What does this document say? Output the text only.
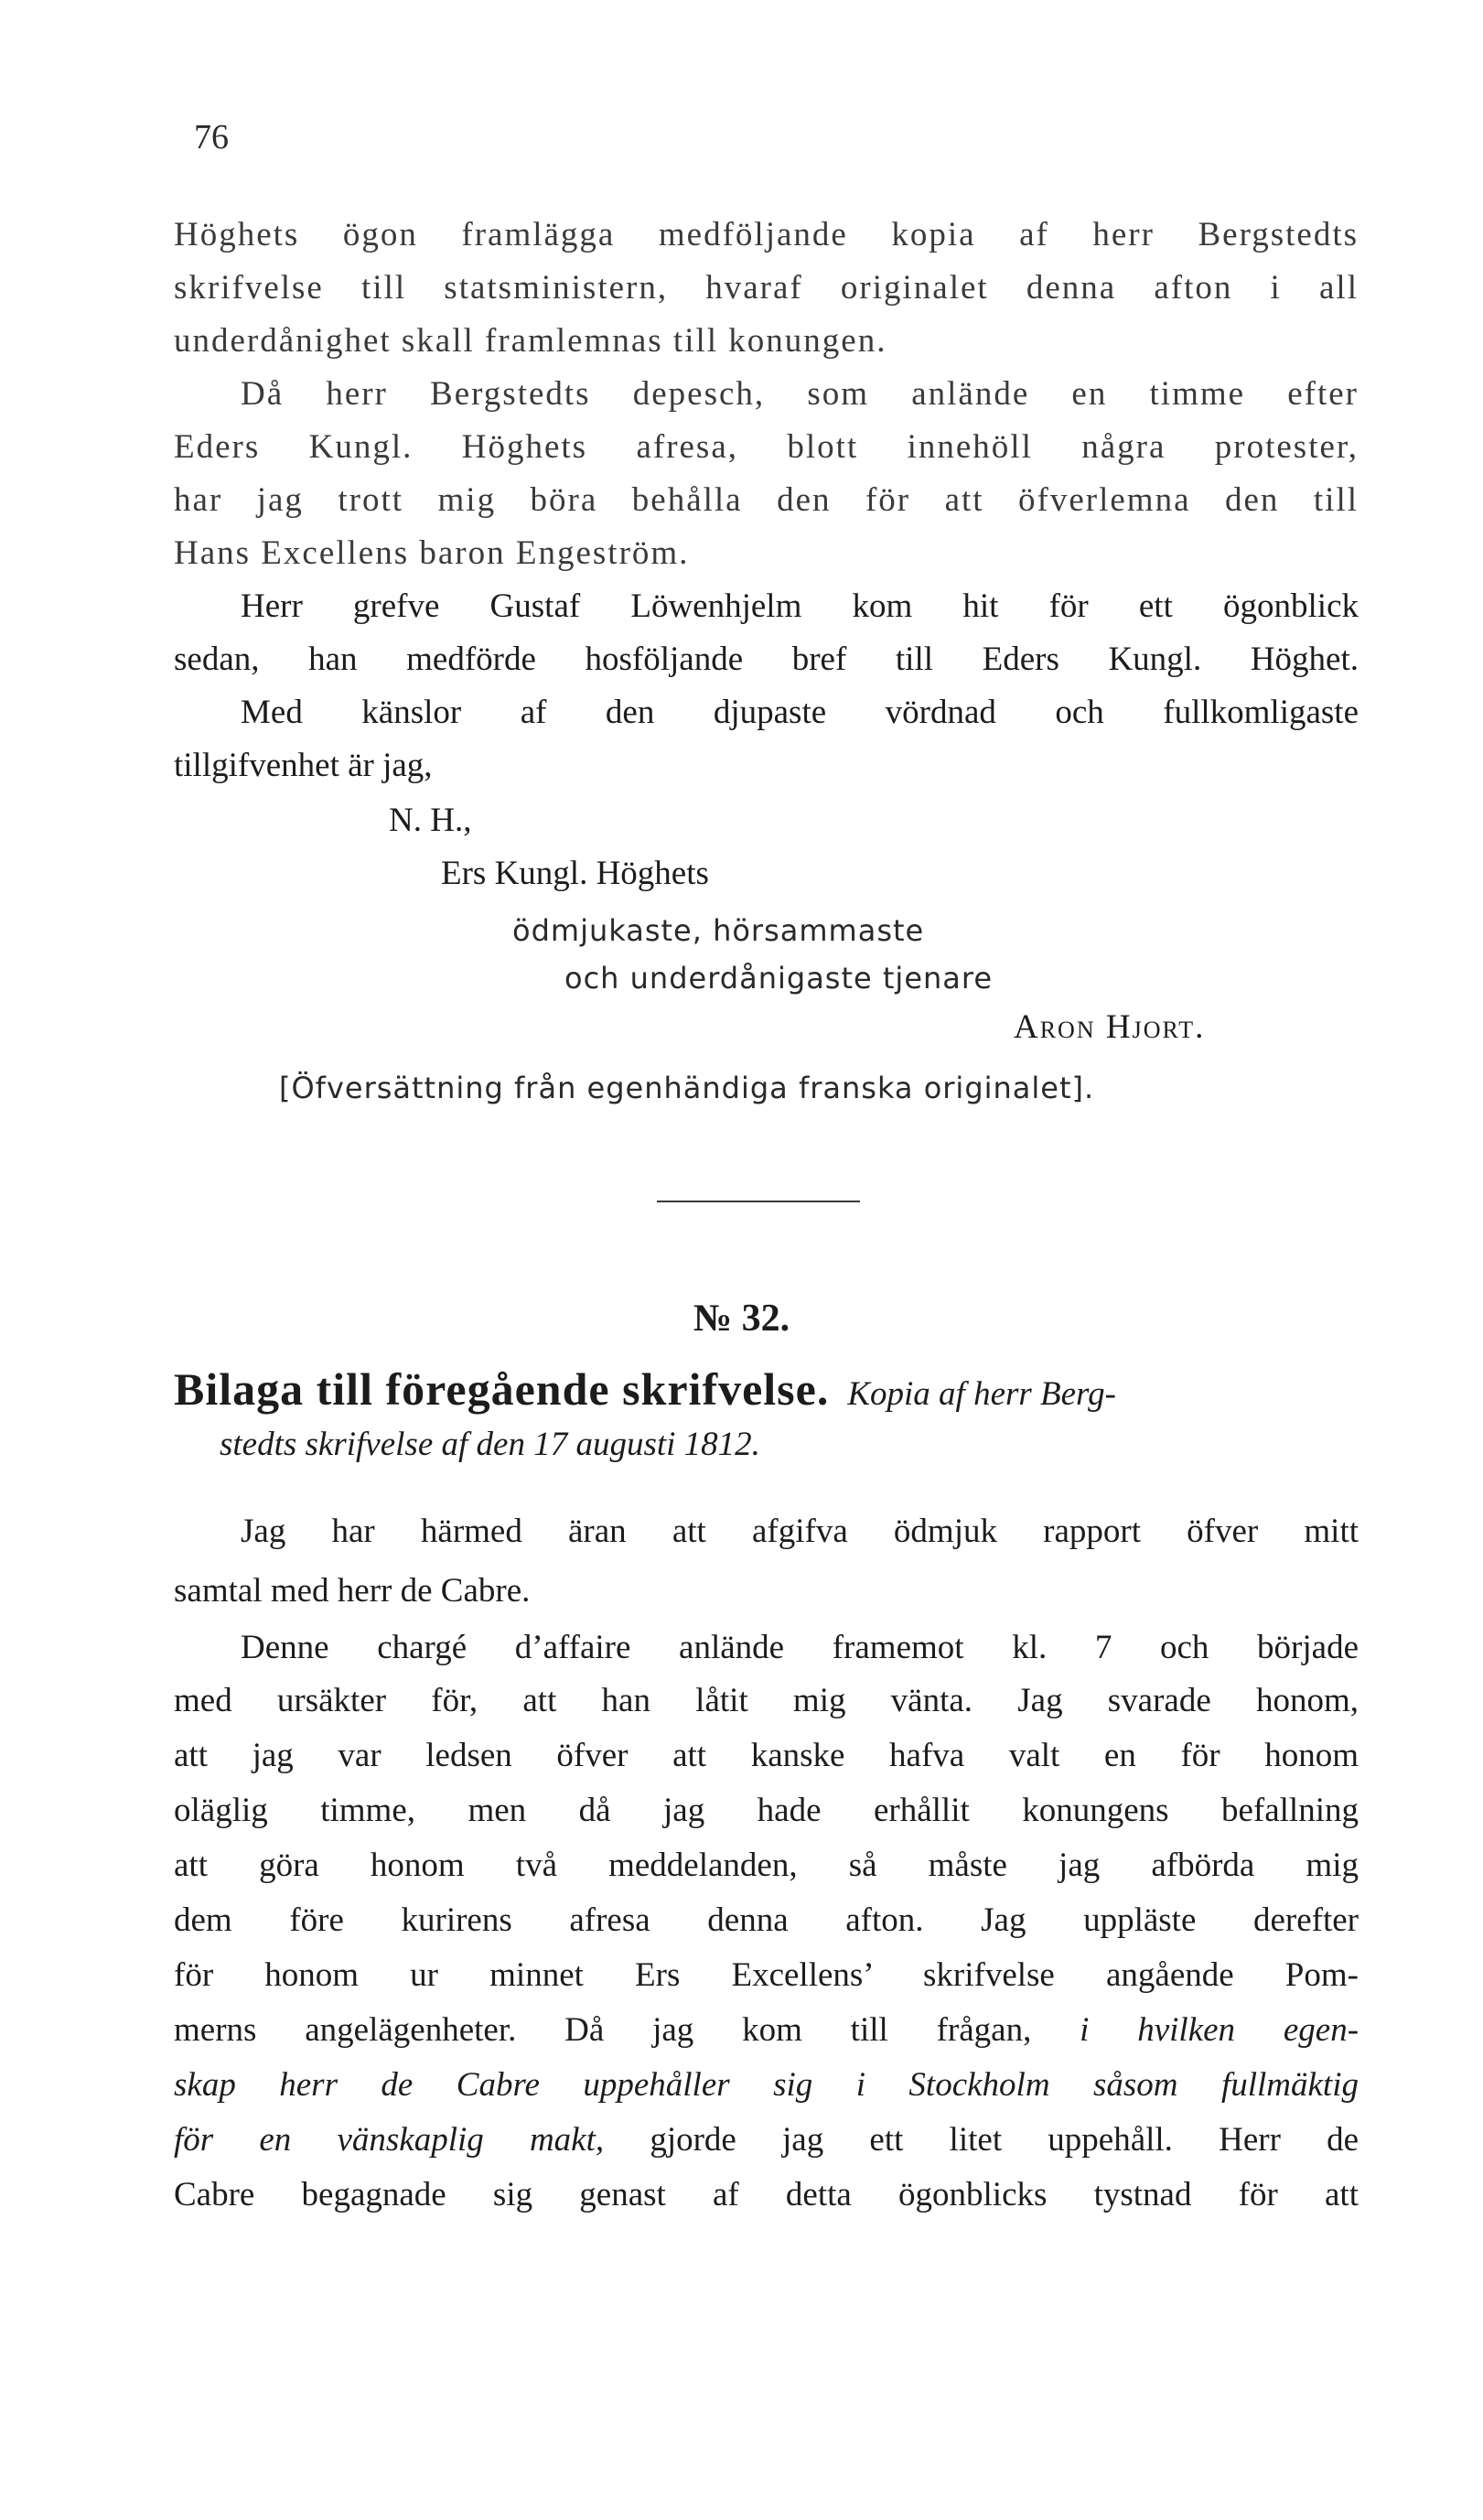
76
Höghets ögon framlägga medföljande kopia af herr Bergstedts
skrifvelse till statsministern, hvaraf originalet denna afton i all
underdånighet skall framlemnas till konungen.
Då herr Bergstedts depesch, som anlände en timme efter
Eders Kungl. Höghets afresa, blott innehöll några protester,
har jag trott mig böra behålla den för att öfverlemna den till
Hans Excellens baron Engeström.
Herr grefve Gustaf Löwenhjelm kom hit för ett ögonblick
sedan, han medförde hosföljande bref till Eders Kungl. Höghet.
Med känslor af den djupaste vördnad och fullkomligaste
tillgifvenhet är jag,
N. H.,
Ers Kungl. Höghets
ödmjukaste, hörsammaste
och underdånigaste tjenare
Aron Hjort.
[Öfversättning från egenhändiga franska originalet].
№ 32.
Bilaga till föregående skrifvelse. Kopia af herr Berg-
stedts skrifvelse af den 17 augusti 1812.
Jag har härmed äran att afgifva ödmjuk rapport öfver mitt
samtal med herr de Cabre.
Denne chargé d’affaire anlände framemot kl. 7 och började
med ursäkter för, att han låtit mig vänta. Jag svarade honom,
att jag var ledsen öfver att kanske hafva valt en för honom
oläglig timme, men då jag hade erhållit konungens befallning
att göra honom två meddelanden, så måste jag afbörda mig
dem före kurirens afresa denna afton. Jag uppläste derefter
för honom ur minnet Ers Excellens’ skrifvelse angående Pom-
merns angelägenheter. Då jag kom till frågan, i hvilken egen-
skap herr de Cabre uppehåller sig i Stockholm såsom fullmäktig
för en vänskaplig makt, gjorde jag ett litet uppehåll. Herr de
Cabre begagnade sig genast af detta ögonblicks tystnad för att
